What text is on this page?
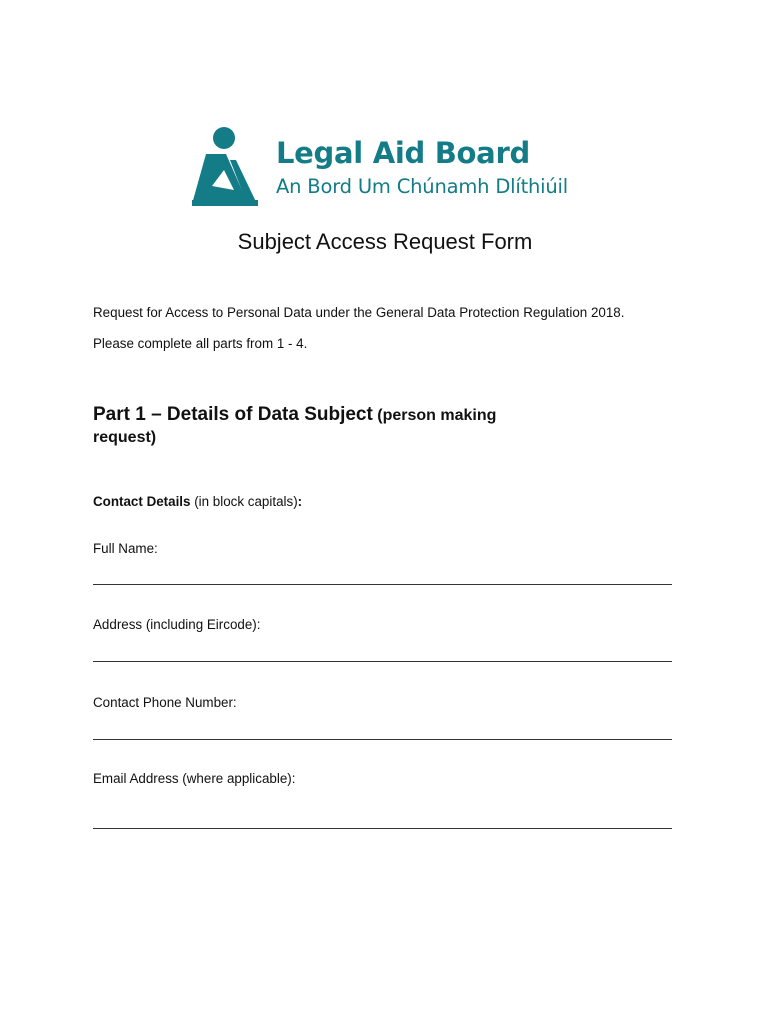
Legal Aid Board
An Bord Um Chúnamh Dlíthiúil
Subject Access Request Form
Request for Access to Personal Data under the General Data Protection Regulation 2018.
Please complete all parts from 1 - 4.
Part 1 – Details of Data Subject (person making request)
Contact Details (in block capitals):
Full Name:
Address (including Eircode):
Contact Phone Number:
Email Address (where applicable):
